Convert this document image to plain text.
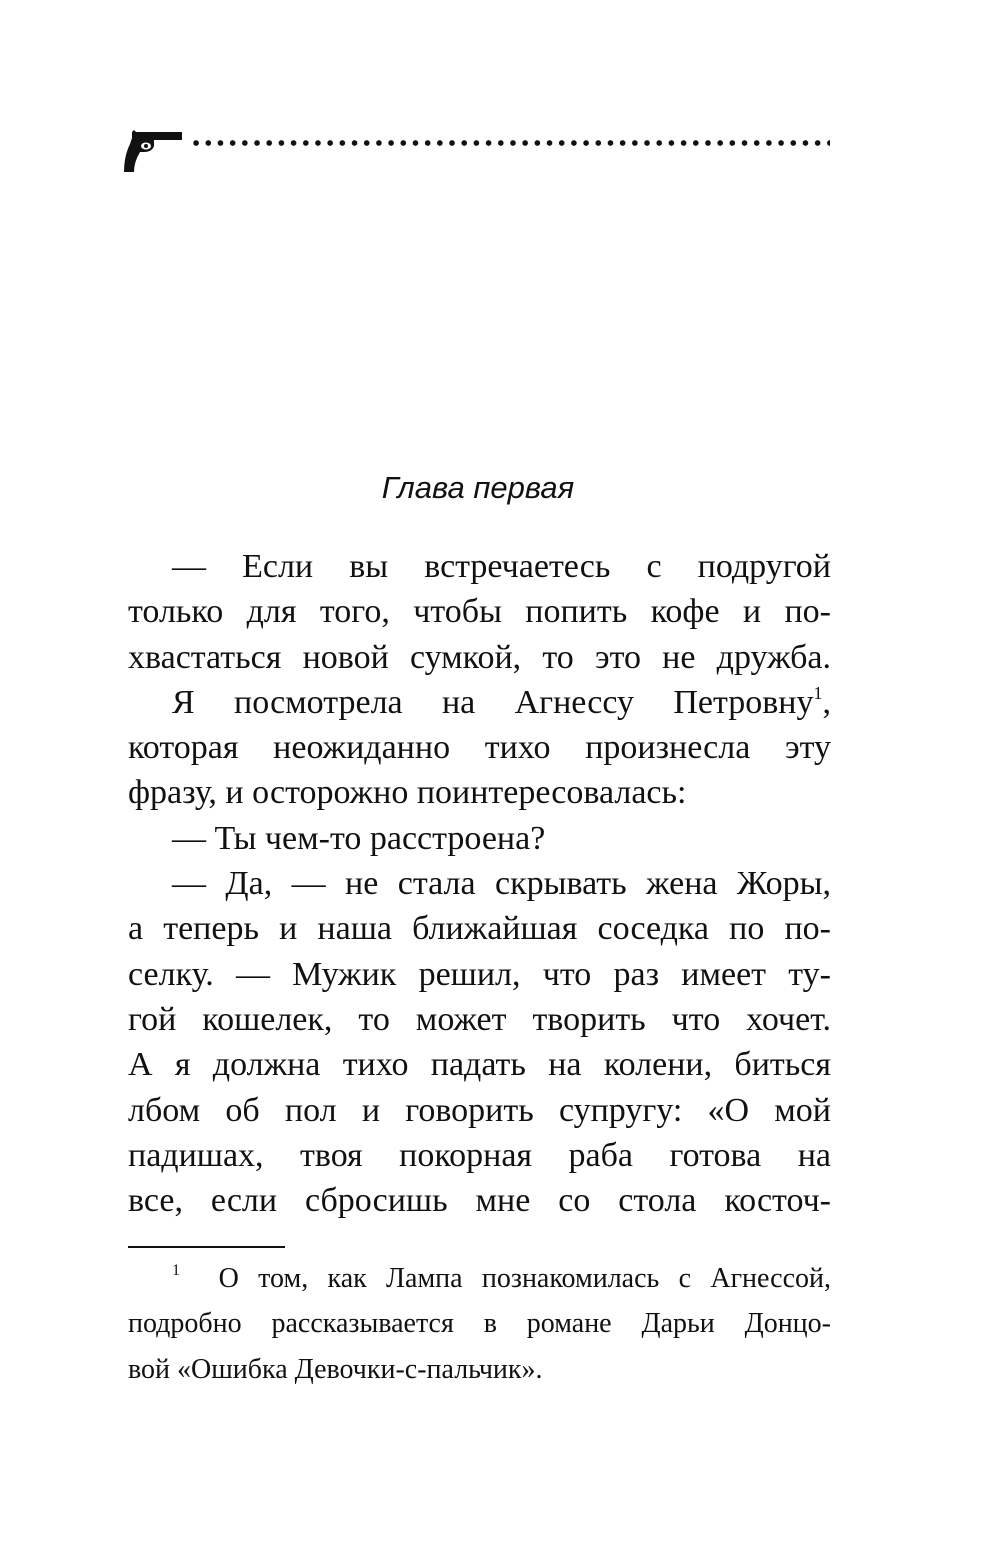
Глава первая
— Если вы встречаетесь с подругой
только для того, чтобы попить кофе и по-
хвастаться новой сумкой, то это не дружба.
Я посмотрела на Агнессу Петровну$^1$,
которая неожиданно тихо произнесла эту
фразу, и осторожно поинтересовалась:
— Ты чем-то расстроена?
— Да, — не стала скрывать жена Жоры,
а теперь и наша ближайшая соседка по по-
селку. — Мужик решил, что раз имеет ту-
гой кошелек, то может творить что хочет.
А я должна тихо падать на колени, биться
лбом об пол и говорить супругу: «О мой
падишах, твоя покорная раба готова на
все, если сбросишь мне со стола косточ-
$^1$ О том, как Лампа познакомилась с Агнессой,
подробно рассказывается в романе Дарьи Донцо-
вой «Ошибка Девочки-с-пальчик».
